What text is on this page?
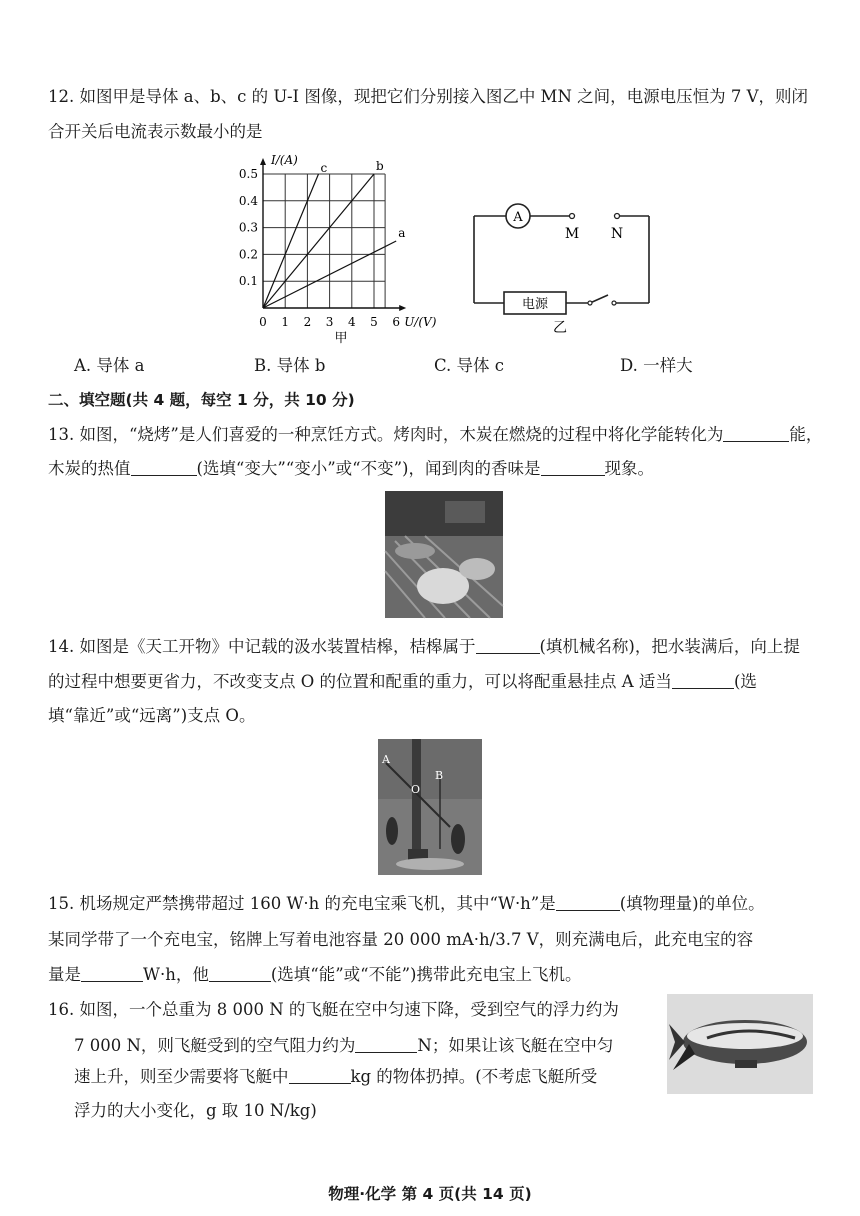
12. 如图甲是导体 a、b、c 的 U-I 图像，现把它们分别接入图乙中 MN 之间，电源电压恒为 7 V，则闭
合开关后电流表示数最小的是
0 1 2 3 4 5 6
0.1
0.2
0.3
0.4
0.5
U/(V)
I/(A)
a
b
c
甲
A
M N
电源
乙
A. 导体 a	B. 导体 b	C. 导体 c	D. 一样大
二、填空题(共 4 题，每空 1 分，共 10 分)
13. 如图，“烧烤”是人们喜爱的一种烹饪方式。烤肉时，木炭在燃烧的过程中将化学能转化为	能，
木炭的热值	(选填“变大”“变小”或“不变”)，闻到肉的香味是	现象。
14. 如图是《天工开物》中记载的汲水装置桔槔，桔槔属于	(填机械名称)，把水装满后，向上提
的过程中想要更省力，不改变支点 O 的位置和配重的重力，可以将配重悬挂点 A 适当	(选
填“靠近”或“远离”)支点 O。
A
O
B
15. 机场规定严禁携带超过 160 W·h 的充电宝乘飞机，其中“W·h”是	(填物理量)的单位。
某同学带了一个充电宝，铭牌上写着电池容量 20 000 mA·h/3.7 V，则充满电后，此充电宝的容
量是	W·h，他	(选填“能”或“不能”)携带此充电宝上飞机。
16. 如图，一个总重为 8 000 N 的飞艇在空中匀速下降，受到空气的浮力约为
7 000 N，则飞艇受到的空气阻力约为	N；如果让该飞艇在空中匀
速上升，则至少需要将飞艇中	kg 的物体扔掉。(不考虑飞艇所受
浮力的大小变化，g 取 10 N/kg)
物理·化学 第 4 页(共 14 页)
